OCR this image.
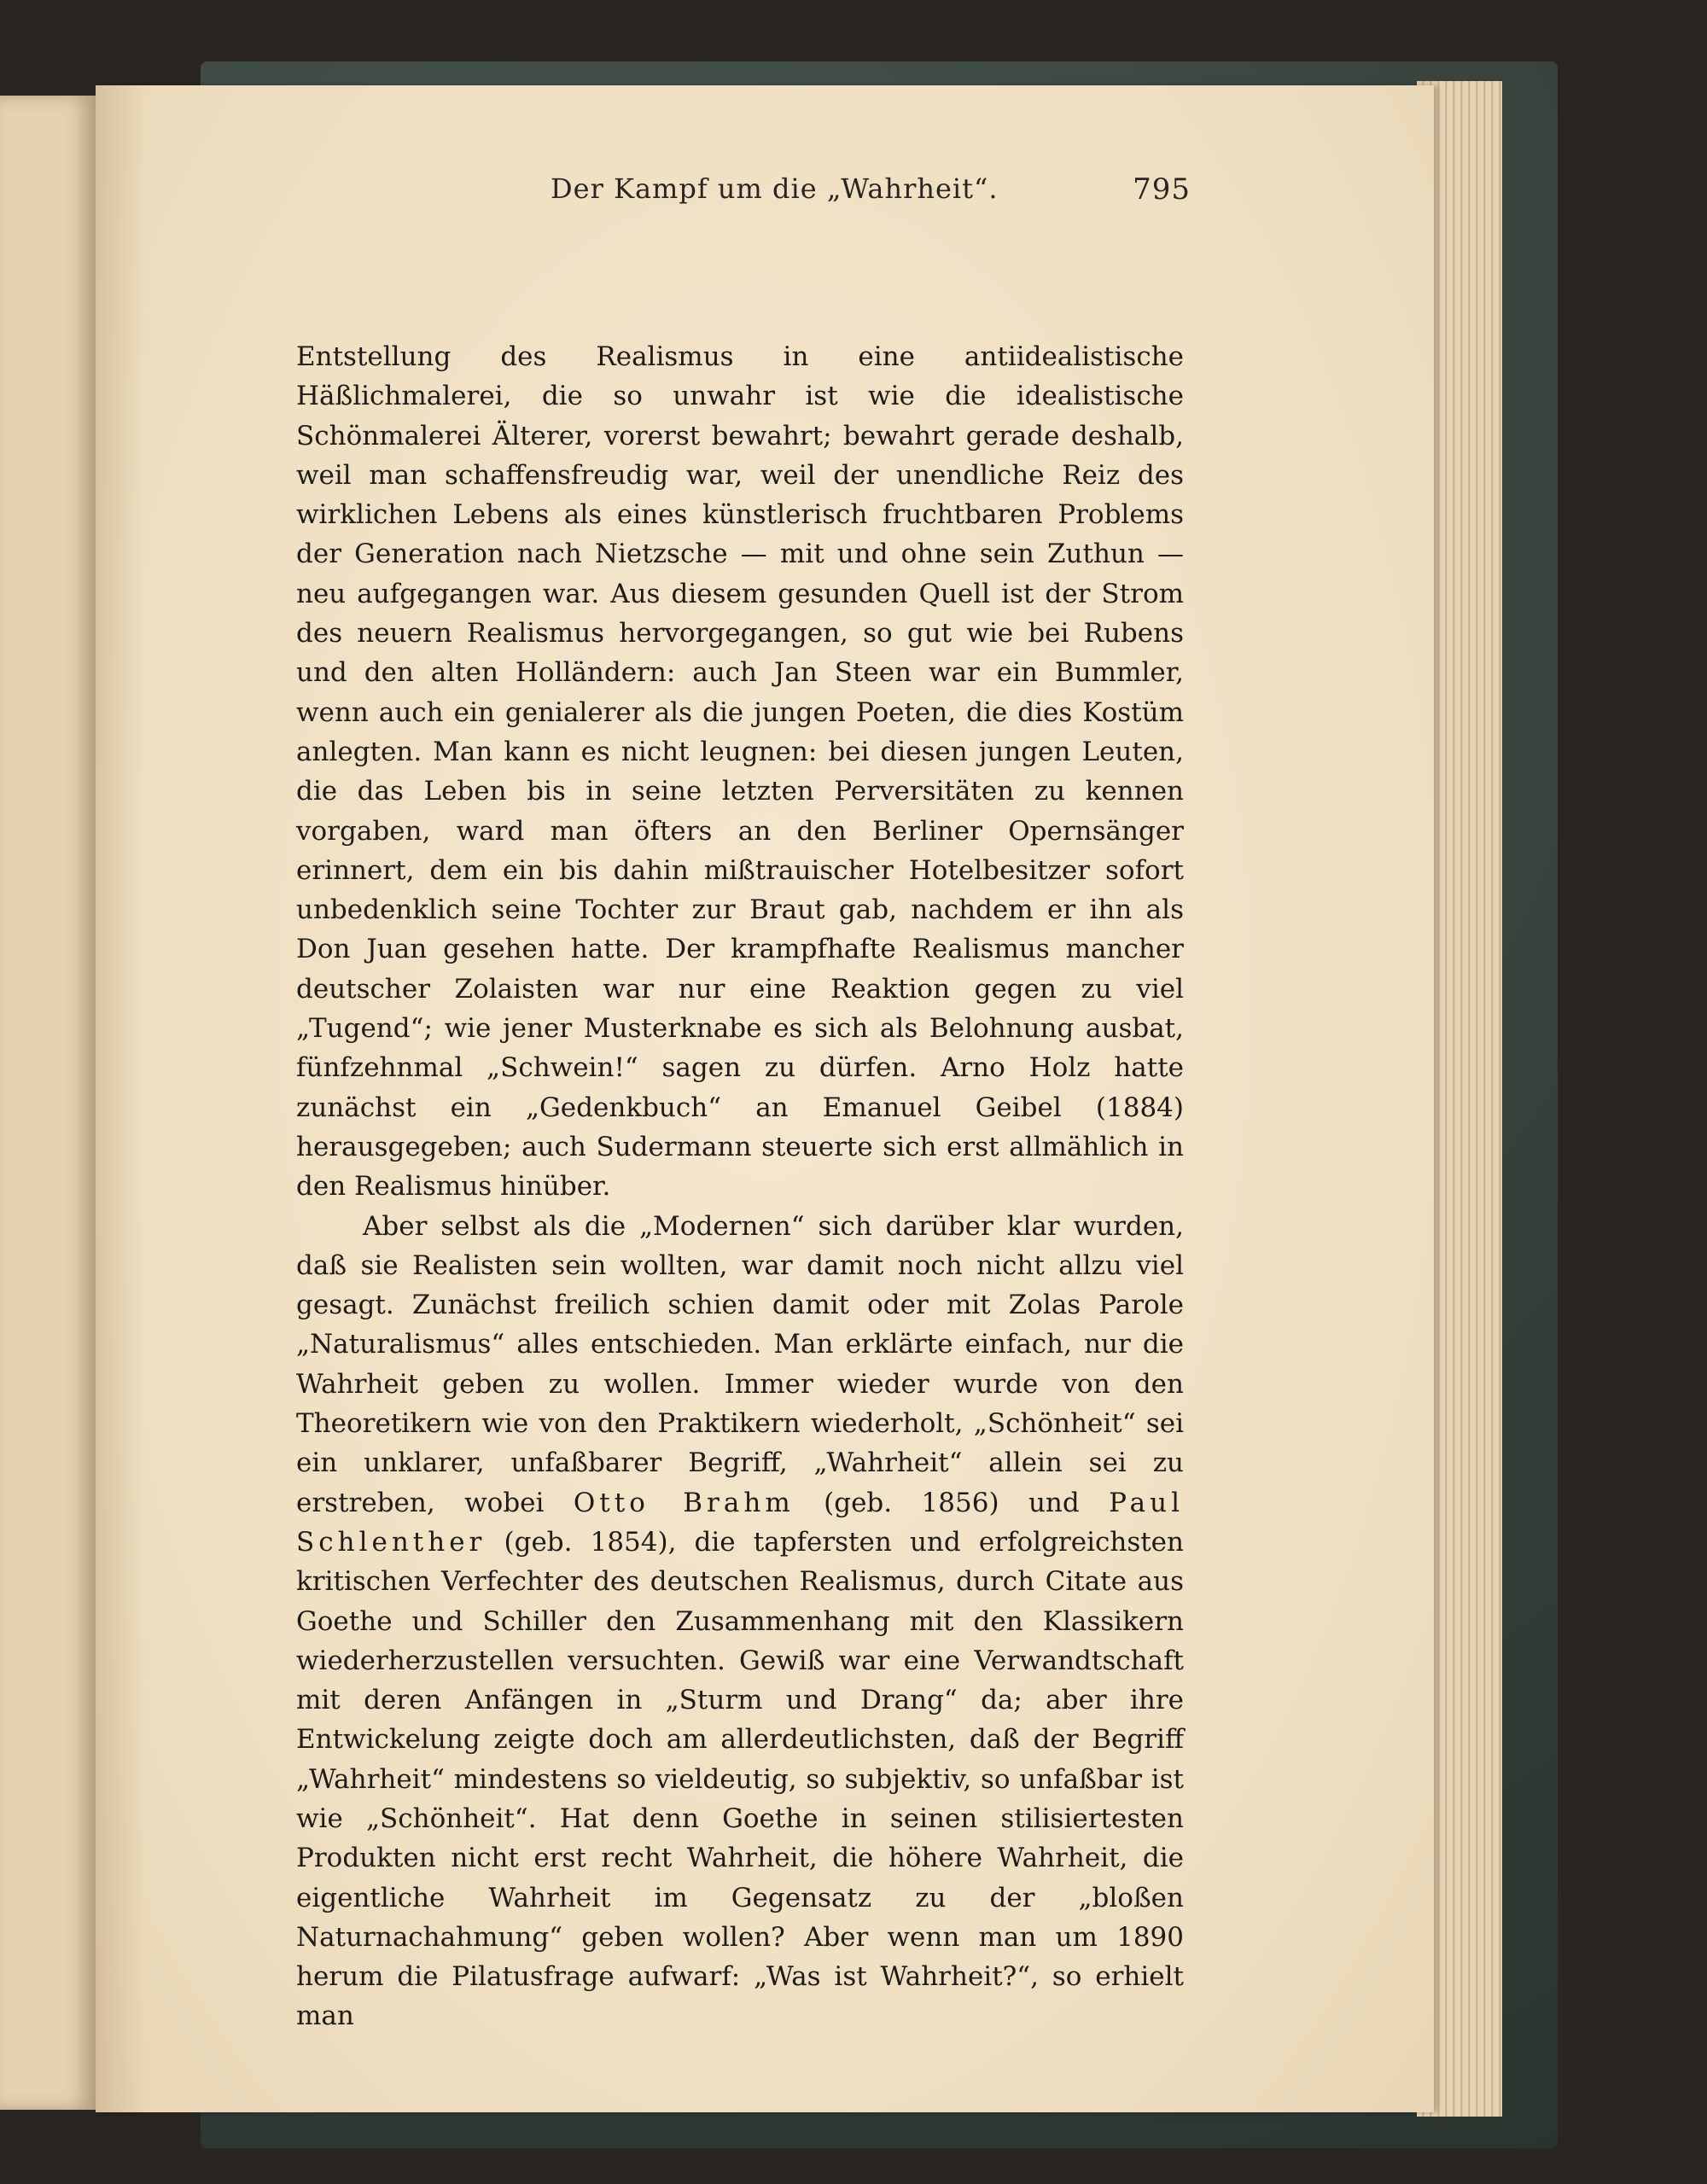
Der Kampf um die „Wahrheit“.	795

Entstellung des Realismus in eine antiidealistische Häßlichmalerei, die so unwahr ist wie die idealistische Schönmalerei Älterer, vorerst bewahrt; bewahrt gerade deshalb, weil man schaffensfreudig war, weil der unendliche Reiz des wirklichen Lebens als eines künstlerisch fruchtbaren Problems der Generation nach Nietzsche — mit und ohne sein Zuthun — neu aufgegangen war. Aus diesem gesunden Quell ist der Strom des neuern Realismus hervorgegangen, so gut wie bei Rubens und den alten Holländern: auch Jan Steen war ein Bummler, wenn auch ein genialerer als die jungen Poeten, die dies Kostüm anlegten. Man kann es nicht leugnen: bei diesen jungen Leuten, die das Leben bis in seine letzten Perversitäten zu kennen vorgaben, ward man öfters an den Berliner Opernsänger erinnert, dem ein bis dahin mißtrauischer Hotelbesitzer sofort unbedenklich seine Tochter zur Braut gab, nachdem er ihn als Don Juan gesehen hatte. Der krampfhafte Realismus mancher deutscher Zolaisten war nur eine Reaktion gegen zu viel „Tugend“; wie jener Musterknabe es sich als Belohnung ausbat, fünfzehnmal „Schwein!“ sagen zu dürfen. Arno Holz hatte zunächst ein „Gedenkbuch“ an Emanuel Geibel (1884) herausgegeben; auch Sudermann steuerte sich erst allmählich in den Realismus hinüber.

Aber selbst als die „Modernen“ sich darüber klar wurden, daß sie Realisten sein wollten, war damit noch nicht allzu viel gesagt. Zunächst freilich schien damit oder mit Zolas Parole „Naturalismus“ alles entschieden. Man erklärte einfach, nur die Wahrheit geben zu wollen. Immer wieder wurde von den Theoretikern wie von den Praktikern wiederholt, „Schönheit“ sei ein unklarer, unfaßbarer Begriff, „Wahrheit“ allein sei zu erstreben, wobei Otto Brahm (geb. 1856) und Paul Schlenther (geb. 1854), die tapfersten und erfolgreichsten kritischen Verfechter des deutschen Realismus, durch Citate aus Goethe und Schiller den Zusammenhang mit den Klassikern wiederherzustellen versuchten. Gewiß war eine Verwandtschaft mit deren Anfängen in „Sturm und Drang“ da; aber ihre Entwickelung zeigte doch am allerdeutlichsten, daß der Begriff „Wahrheit“ mindestens so vieldeutig, so subjektiv, so unfaßbar ist wie „Schönheit“. Hat denn Goethe in seinen stilisiertesten Produkten nicht erst recht Wahrheit, die höhere Wahrheit, die eigentliche Wahrheit im Gegensatz zu der „bloßen Naturnachahmung“ geben wollen? Aber wenn man um 1890 herum die Pilatusfrage aufwarf: „Was ist Wahrheit?“, so erhielt man
